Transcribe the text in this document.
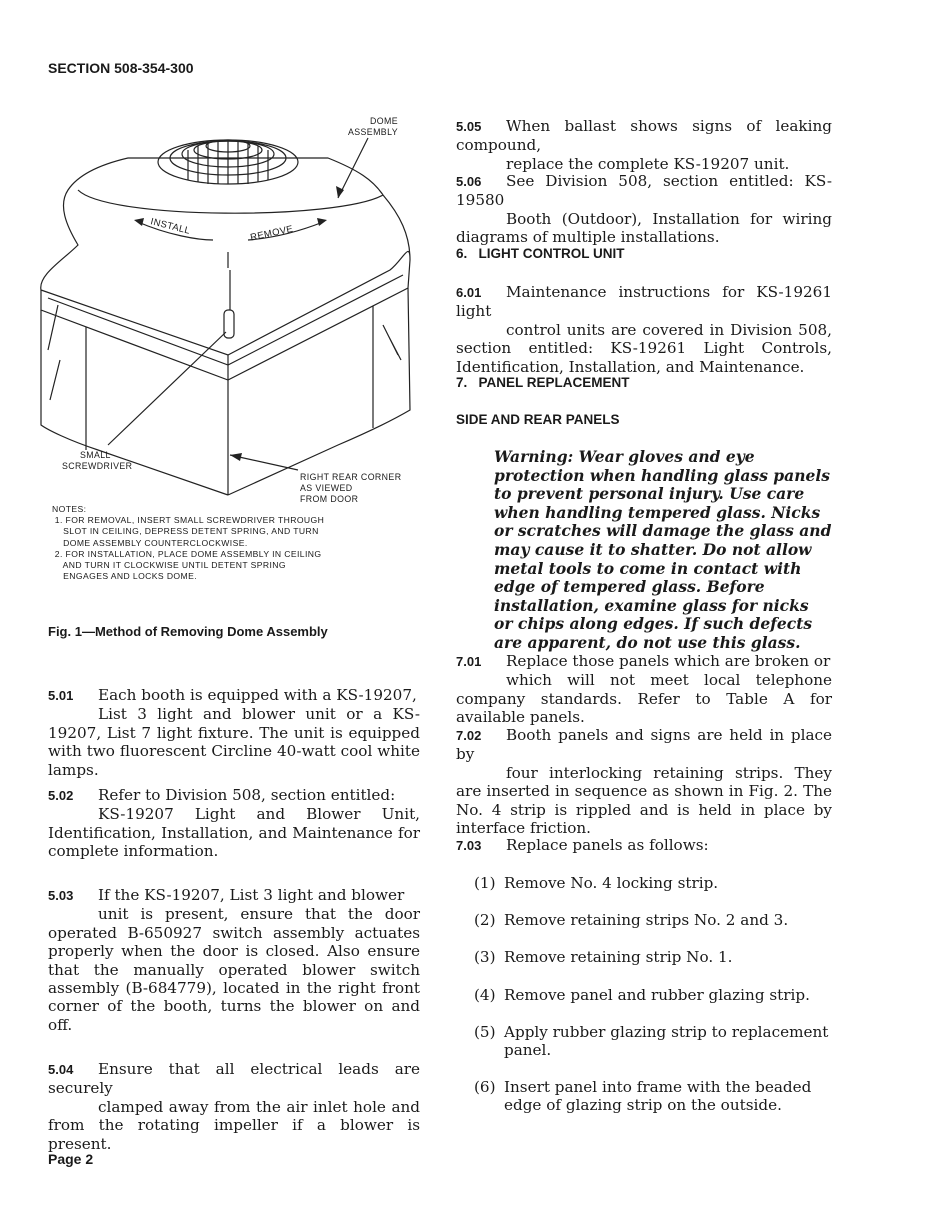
SECTION 508-354-300
DOME
ASSEMBLY
INSTALL	REMOVE
SMALL
SCREWDRIVER
RIGHT REAR CORNER
AS VIEWED
FROM DOOR
NOTES:
1. FOR REMOVAL, INSERT SMALL SCREWDRIVER THROUGH
SLOT IN CEILING, DEPRESS DETENT SPRING, AND TURN
DOME ASSEMBLY COUNTERCLOCKWISE.
2. FOR INSTALLATION, PLACE DOME ASSEMBLY IN CEILING
AND TURN IT CLOCKWISE UNTIL DETENT SPRING
ENGAGES AND LOCKS DOME.
Fig. 1—Method of Removing Dome Assembly
5.01 Each booth is equipped with a KS-19207,
List 3 light and blower unit or a KS-19207, List 7 light fixture. The unit is equipped with two fluorescent Circline 40-watt cool white lamps.
5.02 Refer to Division 508, section entitled:
KS-19207 Light and Blower Unit, Identification, Installation, and Maintenance for complete information.
5.03 If the KS-19207, List 3 light and blower
unit is present, ensure that the door operated B-650927 switch assembly actuates properly when the door is closed. Also ensure that the manually operated blower switch assembly (B-684779), located in the right front corner of the booth, turns the blower on and off.
5.04 Ensure that all electrical leads are securely
clamped away from the air inlet hole and from the rotating impeller if a blower is present.
5.05 When ballast shows signs of leaking compound,
replace the complete KS-19207 unit.
5.06 See Division 508, section entitled: KS-19580
Booth (Outdoor), Installation for wiring diagrams of multiple installations.
6.   LIGHT CONTROL UNIT
6.01 Maintenance instructions for KS-19261 light
control units are covered in Division 508, section entitled: KS-19261 Light Controls, Identification, Installation, and Maintenance.
7.   PANEL REPLACEMENT
SIDE AND REAR PANELS
Warning: Wear gloves and eye protection when handling glass panels to prevent personal injury. Use care when handling tempered glass. Nicks or scratches will damage the glass and may cause it to shatter. Do not allow metal tools to come in contact with edge of tempered glass. Before installation, examine glass for nicks or chips along edges. If such defects are apparent, do not use this glass.
7.01 Replace those panels which are broken or
which will not meet local telephone company standards. Refer to Table A for available panels.
7.02 Booth panels and signs are held in place by
four interlocking retaining strips. They are inserted in sequence as shown in Fig. 2. The No. 4 strip is rippled and is held in place by interface friction.
7.03 Replace panels as follows:
(1) Remove No. 4 locking strip.
(2) Remove retaining strips No. 2 and 3.
(3) Remove retaining strip No. 1.
(4) Remove panel and rubber glazing strip.
(5) Apply rubber glazing strip to replacement panel.
(6) Insert panel into frame with the beaded edge of glazing strip on the outside.
Page 2
